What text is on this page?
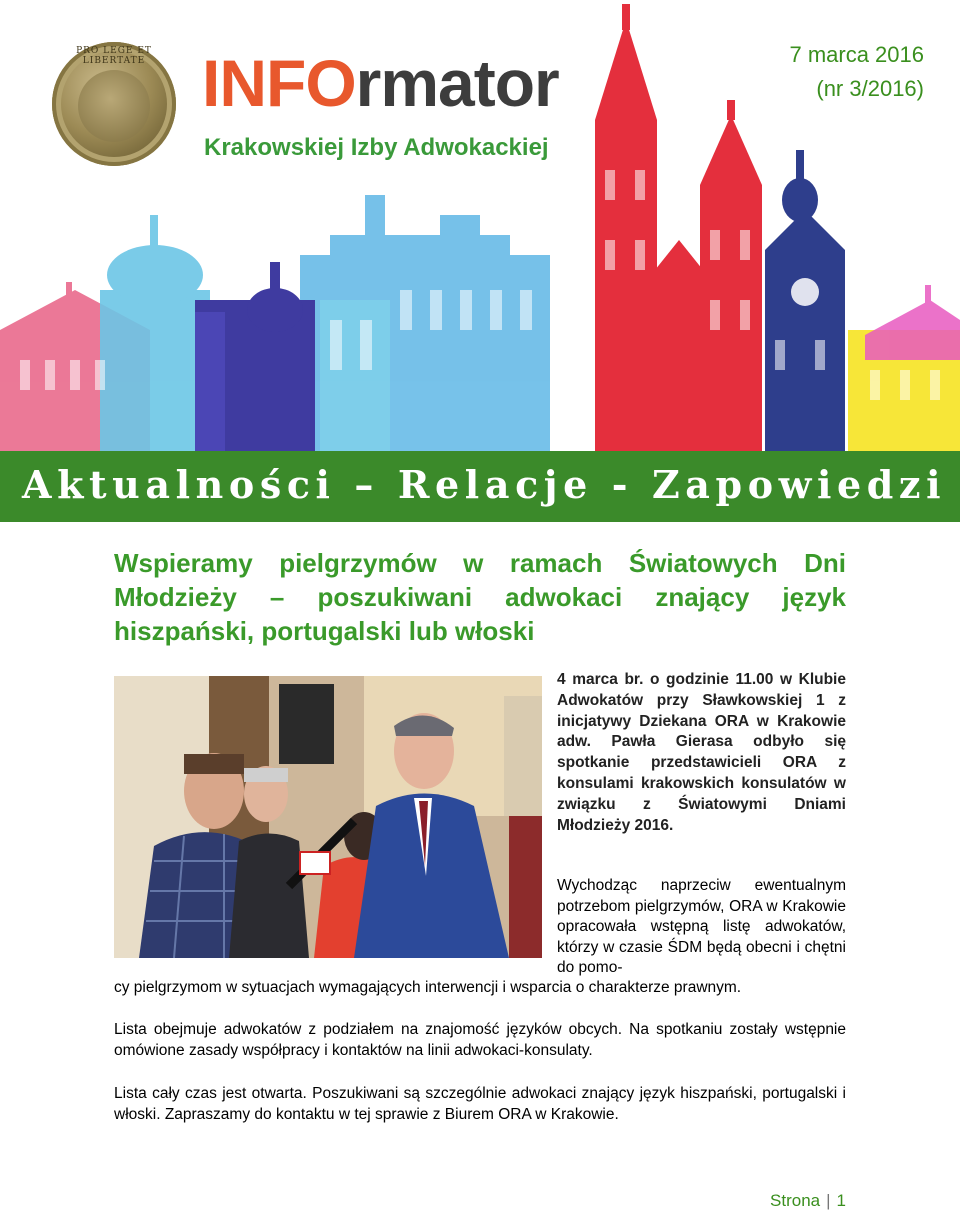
PRO LEGE ET LIBERTATE INFOrmator
Krakowskiej Izby Adwokackiej
7 marca 2016
(nr 3/2016)
Aktualności – Relacje - Zapowiedzi
Wspieramy pielgrzymów w ramach Światowych Dni Młodzieży – poszukiwani adwokaci znający język hiszpański, portugalski lub włoski

4 marca br. o godzinie 11.00 w Klubie Adwokatów przy Sławkowskiej 1 z inicjatywy Dziekana ORA w Krakowie adw. Pawła Gierasa odbyło się spotkanie przedstawicieli ORA z konsulami krakowskich konsulatów w związku z Światowymi Dniami Młodzieży 2016.

Wychodząc naprzeciw ewentualnym potrzebom pielgrzymów, ORA w Krakowie opracowała wstępną listę adwokatów, którzy w czasie ŚDM będą obecni i chętni do pomo-
cy pielgrzymom w sytuacjach wymagających interwencji i wsparcia o charakterze prawnym.
Lista obejmuje adwokatów z podziałem na znajomość języków obcych. Na spotkaniu zostały wstępnie omówione zasady współpracy i kontaktów na linii adwokaci-konsulaty.
Lista cały czas jest otwarta. Poszukiwani są szczególnie adwokaci znający język hiszpański, portugalski i włoski. Zapraszamy do kontaktu w tej sprawie z Biurem ORA w Krakowie.
Strona | 1
